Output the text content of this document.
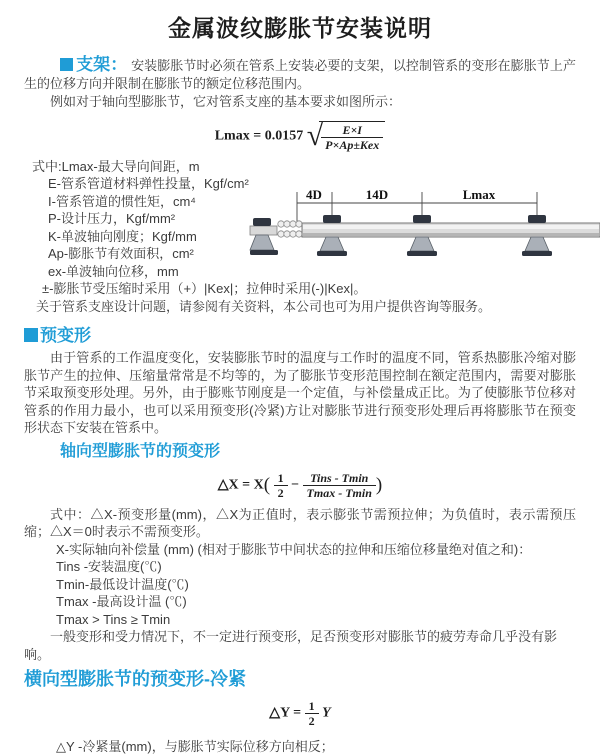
金属波纹膨胀节安装说明

支架： 安装膨胀节时必须在管系上安装必要的支架，以控制管系的变形在膨胀节上产生的位移方向并限制在膨胀节的额定位移范围内。

例如对于轴向型膨胀节，它对管系支座的基本要求如图所示：

Lmax = 0.0157 √
$\frac{E\times I}{\text{P×Ap±Kex}}$
式中:Lmax-最大导向间距，m
E-管系管道材料弹性投量，Kgf/cm²
I-管系管道的惯性矩，cm⁴
P-设计压力，Kgf/mm²
K-单波轴向刚度；Kgf/mm
Ap-膨胀节有效面积，cm²
ex-单波轴向位移，mm
4D	14D	Lmax

±-膨胀节受压缩时采用（+）|Kex|；拉伸时采用(-)|Kex|。

关于管系支座设计问题，请参阅有关资料，本公司也可为用户提供咨询等服务。

预变形

由于管系的工作温度变化，安装膨胀节时的温度与工作时的温度不同，管系热膨胀冷缩对膨胀节产生的拉伸、压缩量常常是不均等的，为了膨胀节变形范围控制在额定范围内，需要对膨胀节采取预变形处理。另外，由于膨账节刚度是一个定值，与补偿量成正比。为了使膨胀节位移对管系的作用力最小，也可以采用预变形(冷紧)方让对膨胀节进行预变形处理后再将膨胀节在预变形状态下安装在管系中。

轴向型膨胀节的预变形
△X = $X( \frac{1}{2} - \frac{\text{Tins - Tmin}}{Tmax - Tmin}$ )

式中：△X-预变形量(mm)，△X为正值时，表示膨张节需预拉伸；为负值时，表示需预压缩；△X＝0时表示不需预变形。

X-实际轴向补偿量 (mm) (相对于膨胀节中间状态的拉伸和压缩位移量绝对值之和)：

Tins -安装温度(℃)

Tmin-最低设计温度(℃)

Tmax -最高设计温 (℃)

Tmax > Tins ≥ Tmin

一般变形和受力情况下，不一定进行预变形，足否预变形对膨胀节的疲劳寿命几乎没有影响。

横向型膨胀节的预变形-冷紧
△Y = $\frac{1}{2}$ Y

△Y -冷紧量(mm)，与膨胀节实际位移方向相反；
